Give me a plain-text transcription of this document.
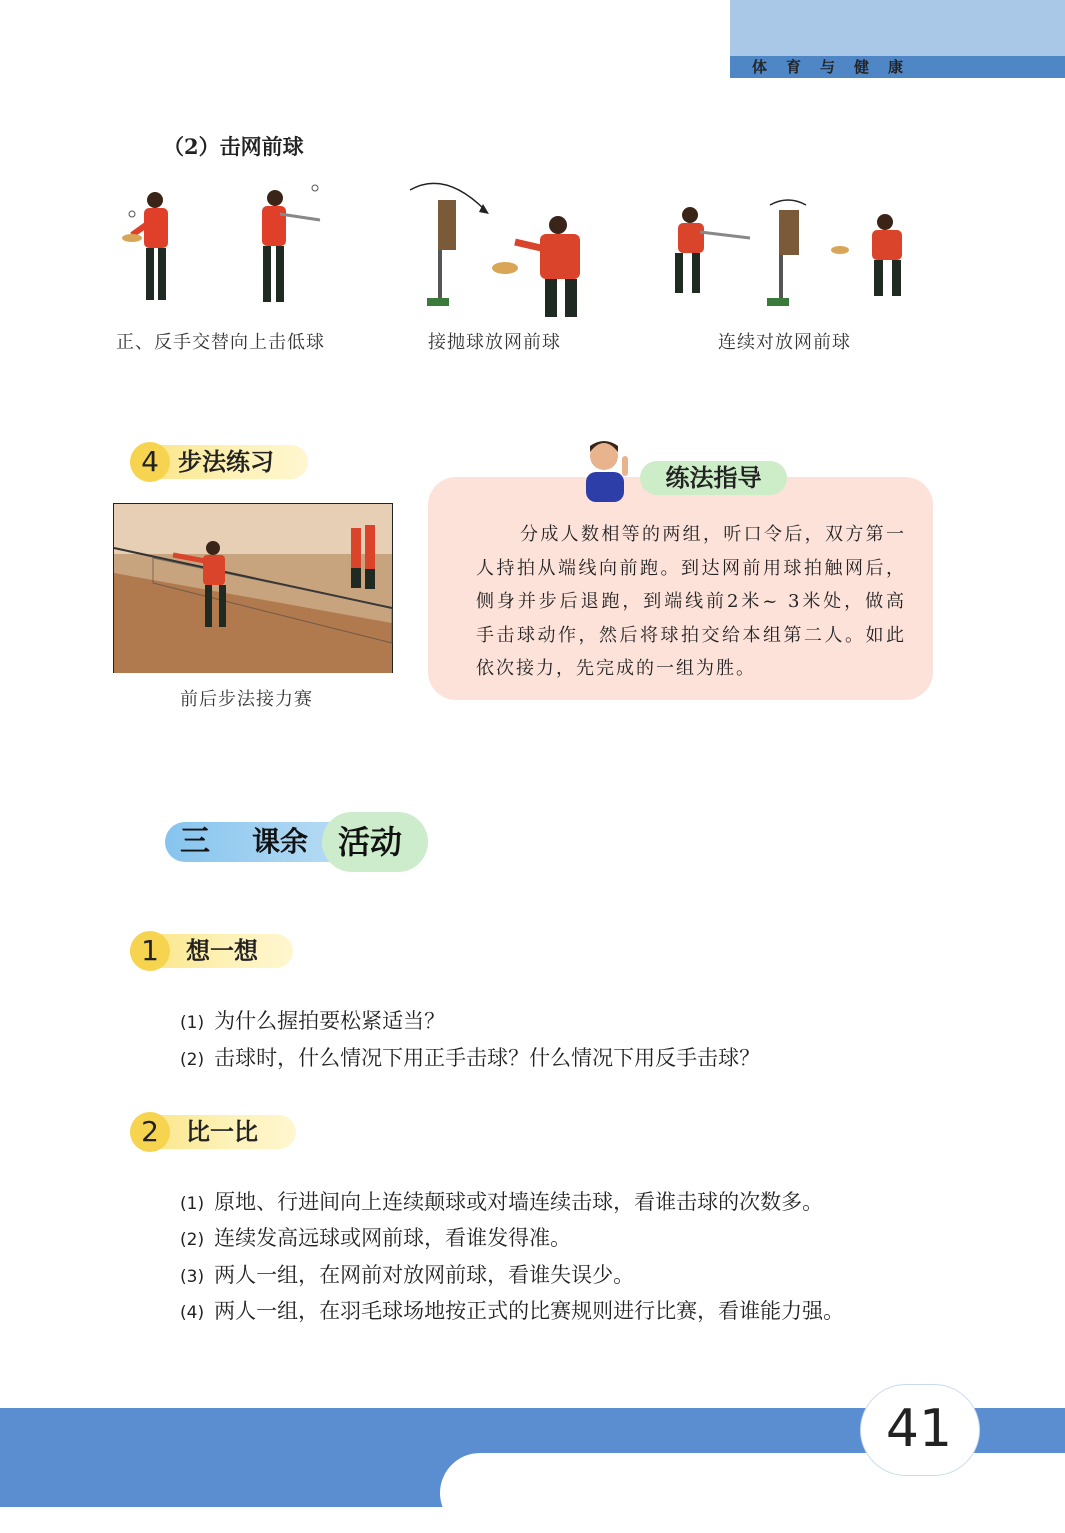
体育与健康
（2）击网前球
正、反手交替向上击低球	接抛球放网前球	连续对放网前球
4 步法练习
前后步法接力赛
练法指导
分成人数相等的两组，听口令后，双方第一人持拍从端线向前跑。到达网前用球拍触网后，侧身并步后退跑，到端线前2米~ 3米处，做高手击球动作，然后将球拍交给本组第二人。如此依次接力，先完成的一组为胜。
三 课余 活动
1	想一想
(1) 为什么握拍要松紧适当？
(2) 击球时，什么情况下用正手击球？什么情况下用反手击球？
2	比一比
(1) 原地、行进间向上连续颠球或对墙连续击球，看谁击球的次数多。
(2) 连续发高远球或网前球，看谁发得准。
(3) 两人一组，在网前对放网前球，看谁失误少。
(4) 两人一组，在羽毛球场地按正式的比赛规则进行比赛，看谁能力强。
41
